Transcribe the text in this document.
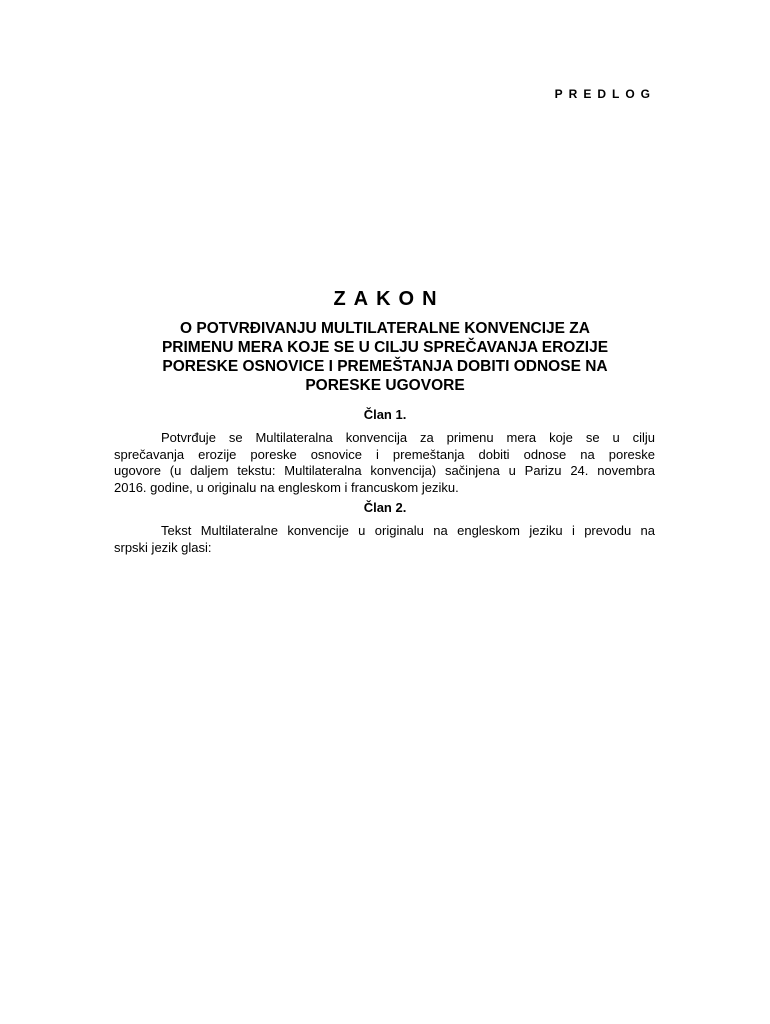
PREDLOG
ZAKON
O POTVRĐIVANJU MULTILATERALNE KONVENCIJE ZA
PRIMENU MERA KOJE SE U CILJU SPREČAVANJA EROZIJE
PORESKE OSNOVICE I PREMEŠTANJA DOBITI ODNOSE NA
PORESKE UGOVORE
Član 1.
Potvrđuje se Multilateralna konvencija za primenu mera koje se u cilju
sprečavanja erozije poreske osnovice i premeštanja dobiti odnose na poreske
ugovore (u daljem tekstu: Multilateralna konvencija) sačinjena u Parizu 24. novembra
2016. godine, u originalu na engleskom i francuskom jeziku.
Član 2.
Tekst Multilateralne konvencije u originalu na engleskom jeziku i prevodu na
srpski jezik glasi:
